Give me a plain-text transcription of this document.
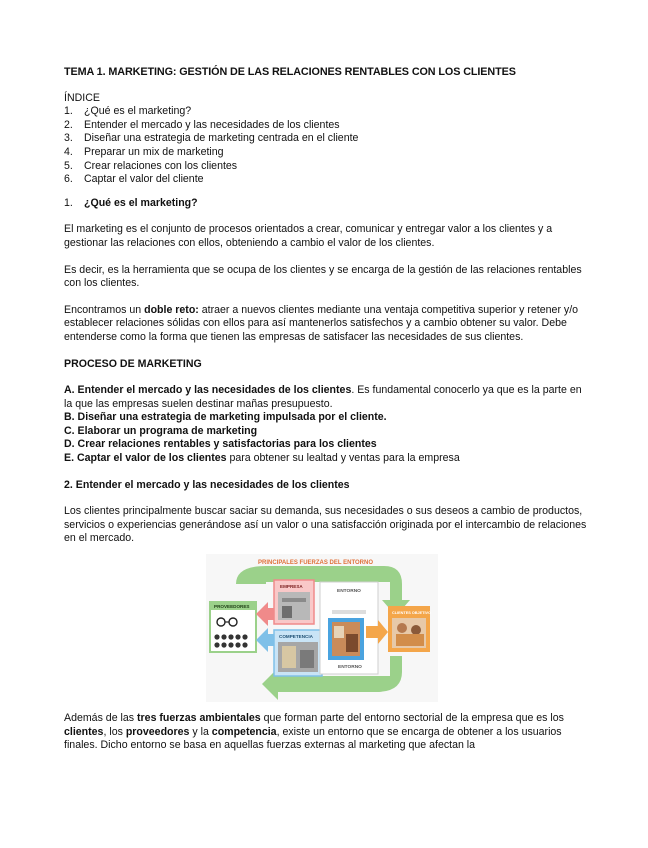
TEMA 1. MARKETING: GESTIÓN DE LAS RELACIONES RENTABLES CON LOS CLIENTES

ÍNDICE

1.	¿Qué es el marketing?
2.	Entender el mercado y las necesidades de los clientes
3.	Diseñar una estrategia de marketing centrada en el cliente
4.	Preparar un mix de marketing
5.	Crear relaciones con los clientes
6.	Captar el valor del cliente
1.	¿Qué es el marketing?

El marketing es el conjunto de procesos orientados a crear, comunicar y entregar valor a los clientes y a gestionar las relaciones con ellos, obteniendo a cambio el valor de los clientes.

Es decir, es la herramienta que se ocupa de los clientes y se encarga de la gestión de las relaciones rentables con los clientes.

Encontramos un doble reto: atraer a nuevos clientes mediante una ventaja competitiva superior y retener y/o establecer relaciones sólidas con ellos para así mantenerlos satisfechos y a cambio obtener su valor. Debe entenderse como la forma que tienen las empresas de satisfacer las necesidades de sus clientes.

PROCESO DE MARKETING

A. Entender el mercado y las necesidades de los clientes. Es fundamental conocerlo ya que es la parte en la que las empresas suelen destinar mañas presupuesto.

B. Diseñar una estrategia de marketing impulsada por el cliente.

C. Elaborar un programa de marketing

D. Crear relaciones rentables y satisfactorias para los clientes

E. Captar el valor de los clientes para obtener su lealtad y ventas para la empresa

2. Entender el mercado y las necesidades de los clientes

Los clientes principalmente buscar saciar su demanda, sus necesidades o sus deseos a cambio de productos, servicios o experiencias generándose así un valor o una satisfacción originada por el intercambio de relaciones en el mercado.

PRINCIPALES FUERZAS DEL ENTORNO
PROVEEDORES
EMPRESA
COMPETENCIA
ENTORNO
ENTORNO
CLIENTES OBJETIVO

Además de las tres fuerzas ambientales que forman parte del entorno sectorial de la empresa que es los clientes, los proveedores y la competencia, existe un entorno que se encarga de obtener a los usuarios finales. Dicho entorno se basa en aquellas fuerzas externas al marketing que afectan la
